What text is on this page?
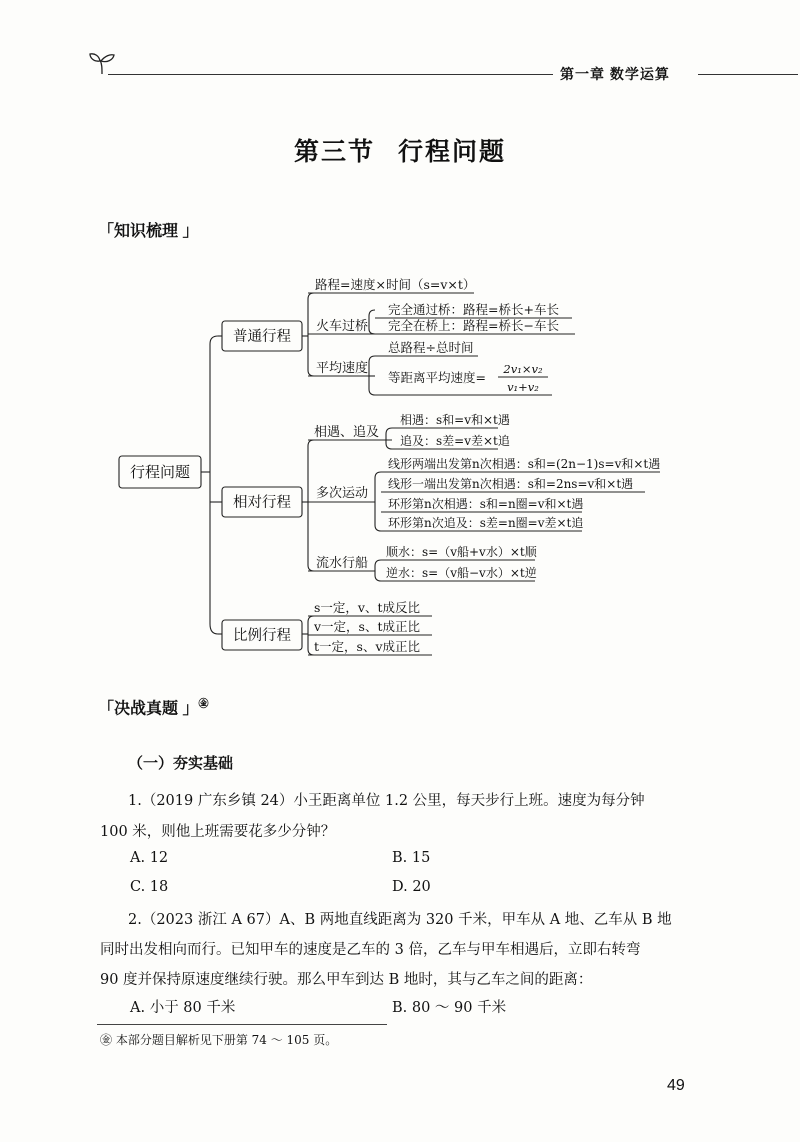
第一章 数学运算
第三节 行程问题
「知识梳理 」
行程问题
普通行程
相对行程
比例行程
路程=速度×时间（s=v×t）
火车过桥
完全通过桥：路程=桥长+车长
完全在桥上：路程=桥长−车长
平均速度
总路程÷总时间
等距离平均速度=
2v₁×v₂
v₁+v₂
相遇、追及
相遇：s和=v和×t遇
追及：s差=v差×t追
多次运动
线形两端出发第n次相遇：s和=(2n−1)s=v和×t遇
线形一端出发第n次相遇：s和=2ns=v和×t遇
环形第n次相遇：s和=n圈=v和×t遇
环形第n次追及：s差=n圈=v差×t追
流水行船
顺水：s=（v船+v水）×t顺
逆水：s=（v船−v水）×t逆
s一定，v、t成反比
v一定，s、t成正比
t一定，s、v成正比
「决战真题 」㊎
（一）夯实基础
1.（2019 广东乡镇 24）小王距离单位 1.2 公里，每天步行上班。速度为每分钟
100 米，则他上班需要花多少分钟？
A. 12	B. 15
C. 18	D. 20
2.（2023 浙江 A 67）A、B 两地直线距离为 320 千米，甲车从 A 地、乙车从 B 地
同时出发相向而行。已知甲车的速度是乙车的 3 倍，乙车与甲车相遇后，立即右转弯
90 度并保持原速度继续行驶。那么甲车到达 B 地时，其与乙车之间的距离：
A. 小于 80 千米	B. 80 ～ 90 千米
㊎ 本部分题目解析见下册第 74 ～ 105 页。
49
